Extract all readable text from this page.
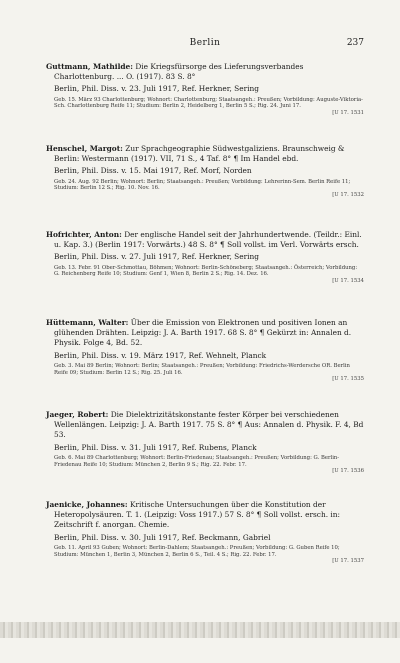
Berlin	237

Guttmann, Mathilde: Die Kriegsfürsorge des Lieferungsverbandes Charlottenburg. ... O. (1917). 83 S. 8°

Berlin, Phil. Diss. v. 23. Juli 1917, Ref. Herkner, Sering

Geb. 15. März 93 Charlottenburg; Wohnort: Charlottenburg; Staatsangeh.: Preußen; Vorbildung: Auguste-Viktoria-Sch. Charlottenburg Reife 11; Studium: Berlin 2, Heidelberg 1, Berlin 5 S.; Rig. 24. Juni 17.

[U 17. 1531

Henschel, Margot: Zur Sprachgeographie Südwestgaliziens. Braunschweig & Berlin: Westermann (1917). VII, 71 S., 4 Taf. 8° ¶ Im Handel ebd.

Berlin, Phil. Diss. v. 15. Mai 1917, Ref. Morf, Norden

Geb. 24. Aug. 92 Berlin; Wohnort: Berlin; Staatsangeh.: Preußen; Vorbildung: Lehrerinn-Sem. Berlin Reife 11; Studium: Berlin 12 S.; Rig. 10. Nov. 16.

[U 17. 1532

Hofrichter, Anton: Der englische Handel seit der Jahrhundertwende. (Teildr.: Einl. u. Kap. 3.) (Berlin 1917: Vorwärts.) 48 S. 8° ¶ Soll vollst. im Verl. Vorwärts ersch.

Berlin, Phil. Diss. v. 27. Juli 1917, Ref. Herkner, Sering

Geb. 13. Febr. 91 Ober-Schmottau, Böhmen; Wohnort: Berlin-Schöneberg; Staatsangeh.: Österreich; Vorbildung: G. Reichenberg Reife 10; Studium: Genf 1, Wien 8, Berlin 2 S.; Rig. 14. Dez. 16.

[U 17. 1534

Hüttemann, Walter: Über die Emission von Elektronen und positiven Ionen an glühenden Drähten. Leipzig: J. A. Barth 1917. 68 S. 8° ¶ Gekürzt in: Annalen d. Physik. Folge 4, Bd. 52.

Berlin, Phil. Diss. v. 19. März 1917, Ref. Wehnelt, Planck

Geb. 3. Mai 89 Berlin; Wohnort: Berlin; Staatsangeh.: Preußen; Vorbildung: Friedrichs-Werdersche OR. Berlin Reife 09; Studium: Berlin 12 S.; Rig. 25. Juli 16.

[U 17. 1535

Jaeger, Robert: Die Dielektrizitätskonstante fester Körper bei verschiedenen Wellenlängen. Leipzig: J. A. Barth 1917. 75 S. 8° ¶ Aus: Annalen d. Physik. F. 4, Bd 53.

Berlin, Phil. Diss. v. 31. Juli 1917, Ref. Rubens, Planck

Geb. 6. Mai 89 Charlottenburg; Wohnort: Berlin-Friedenau; Staatsangeh.: Preußen; Vorbildung: G. Berlin-Friedenau Reife 10; Studium: München 2, Berlin 9 S.; Rig. 22. Febr. 17.

[U 17. 1536

Jaenicke, Johannes: Kritische Untersuchungen über die Konstitution der Heteropolysäuren. T. 1. (Leipzig: Voss 1917.) 57 S. 8° ¶ Soll vollst. ersch. in: Zeitschrift f. anorgan. Chemie.

Berlin, Phil. Diss. v. 30. Juli 1917, Ref. Beckmann, Gabriel

Geb. 11. April 93 Guben; Wohnort: Berlin-Dahlem; Staatsangeh.: Preußen; Vorbildung: G. Guben Reife 10; Studium: München 1, Berlin 3, München 2, Berlin 6 S., Teil. 4 S.; Rig. 22. Febr. 17.

[U 17. 1537
